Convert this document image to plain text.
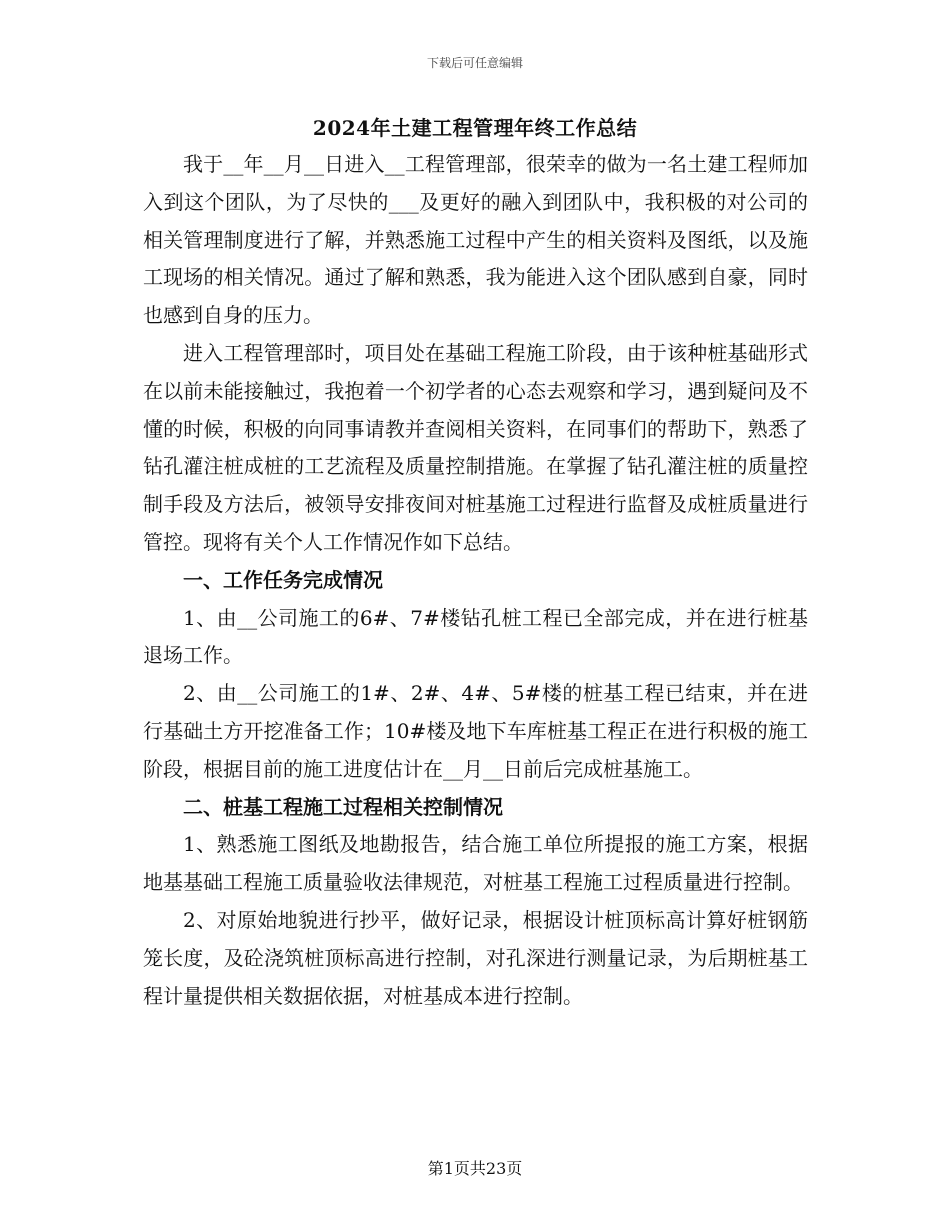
下载后可任意编辑
2024年土建工程管理年终工作总结

我于__年__月__日进入__工程管理部，很荣幸的做为一名土建工程师加入到这个团队，为了尽快的___及更好的融入到团队中，我积极的对公司的相关管理制度进行了解，并熟悉施工过程中产生的相关资料及图纸，以及施工现场的相关情况。通过了解和熟悉，我为能进入这个团队感到自豪，同时也感到自身的压力。

进入工程管理部时，项目处在基础工程施工阶段，由于该种桩基础形式在以前未能接触过，我抱着一个初学者的心态去观察和学习，遇到疑问及不懂的时候，积极的向同事请教并查阅相关资料，在同事们的帮助下，熟悉了钻孔灌注桩成桩的工艺流程及质量控制措施。在掌握了钻孔灌注桩的质量控制手段及方法后，被领导安排夜间对桩基施工过程进行监督及成桩质量进行管控。现将有关个人工作情况作如下总结。

一、工作任务完成情况

1、由__公司施工的6#、7#楼钻孔桩工程已全部完成，并在进行桩基退场工作。

2、由__公司施工的1#、2#、4#、5#楼的桩基工程已结束，并在进行基础土方开挖准备工作；10#楼及地下车库桩基工程正在进行积极的施工阶段，根据目前的施工进度估计在__月__日前后完成桩基施工。

二、桩基工程施工过程相关控制情况

1、熟悉施工图纸及地勘报告，结合施工单位所提报的施工方案，根据地基基础工程施工质量验收法律规范，对桩基工程施工过程质量进行控制。

2、对原始地貌进行抄平，做好记录，根据设计桩顶标高计算好桩钢筋笼长度，及砼浇筑桩顶标高进行控制，对孔深进行测量记录，为后期桩基工程计量提供相关数据依据，对桩基成本进行控制。

第1页共23页
